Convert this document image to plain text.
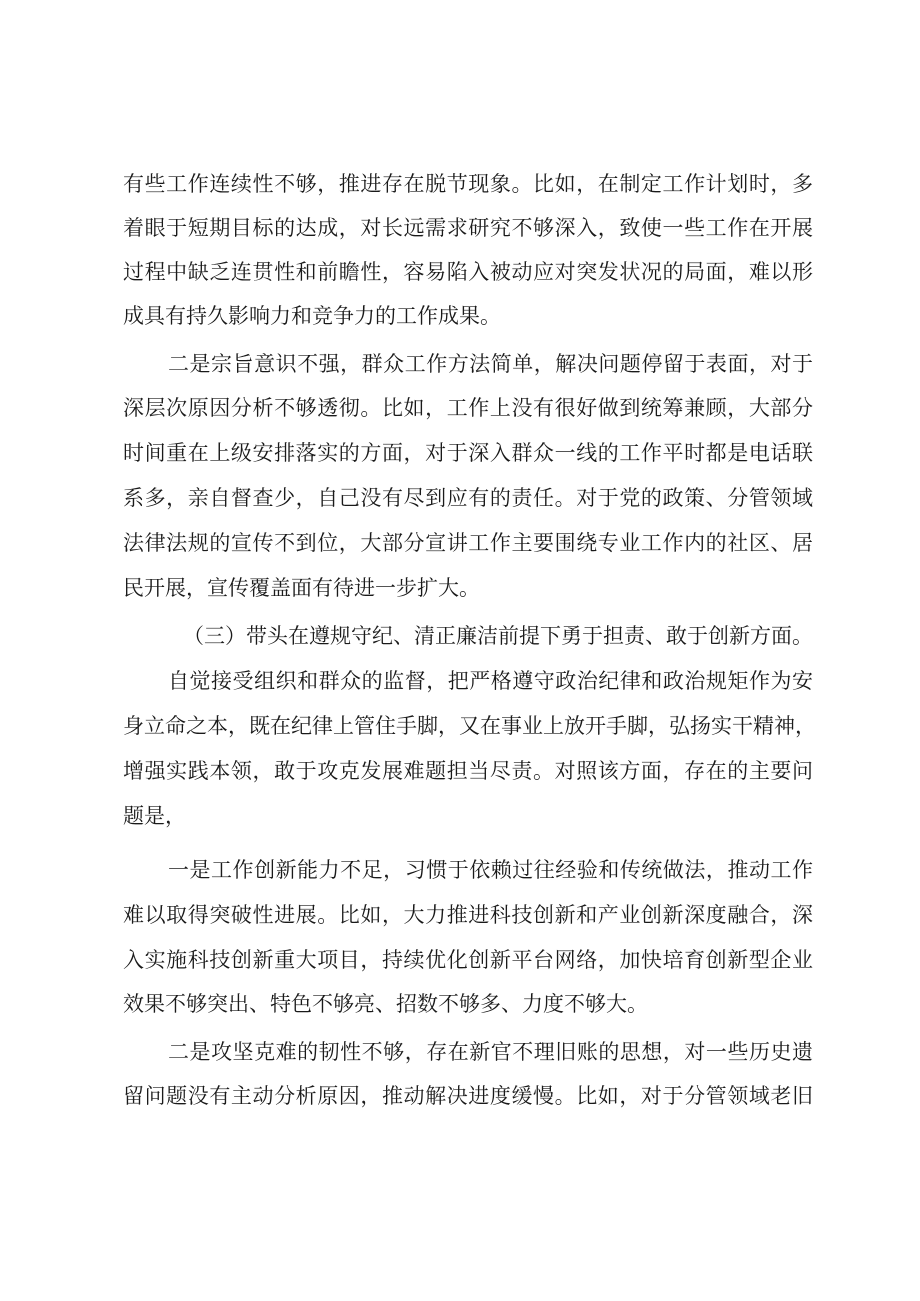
有些工作连续性不够，推进存在脱节现象。比如，在制定工作计划时，多
着眼于短期目标的达成，对长远需求研究不够深入，致使一些工作在开展
过程中缺乏连贯性和前瞻性，容易陷入被动应对突发状况的局面，难以形
成具有持久影响力和竞争力的工作成果。
二是宗旨意识不强，群众工作方法简单，解决问题停留于表面，对于
深层次原因分析不够透彻。比如，工作上没有很好做到统筹兼顾，大部分
时间重在上级安排落实的方面，对于深入群众一线的工作平时都是电话联
系多，亲自督查少，自己没有尽到应有的责任。对于党的政策、分管领域
法律法规的宣传不到位，大部分宣讲工作主要围绕专业工作内的社区、居
民开展，宣传覆盖面有待进一步扩大。
（三）带头在遵规守纪、清正廉洁前提下勇于担责、敢于创新方面。
自觉接受组织和群众的监督，把严格遵守政治纪律和政治规矩作为安
身立命之本，既在纪律上管住手脚，又在事业上放开手脚，弘扬实干精神，
增强实践本领，敢于攻克发展难题担当尽责。对照该方面，存在的主要问
题是，
一是工作创新能力不足，习惯于依赖过往经验和传统做法，推动工作
难以取得突破性进展。比如，大力推进科技创新和产业创新深度融合，深
入实施科技创新重大项目，持续优化创新平台网络，加快培育创新型企业
效果不够突出、特色不够亮、招数不够多、力度不够大。
二是攻坚克难的韧性不够，存在新官不理旧账的思想，对一些历史遗
留问题没有主动分析原因，推动解决进度缓慢。比如，对于分管领域老旧
